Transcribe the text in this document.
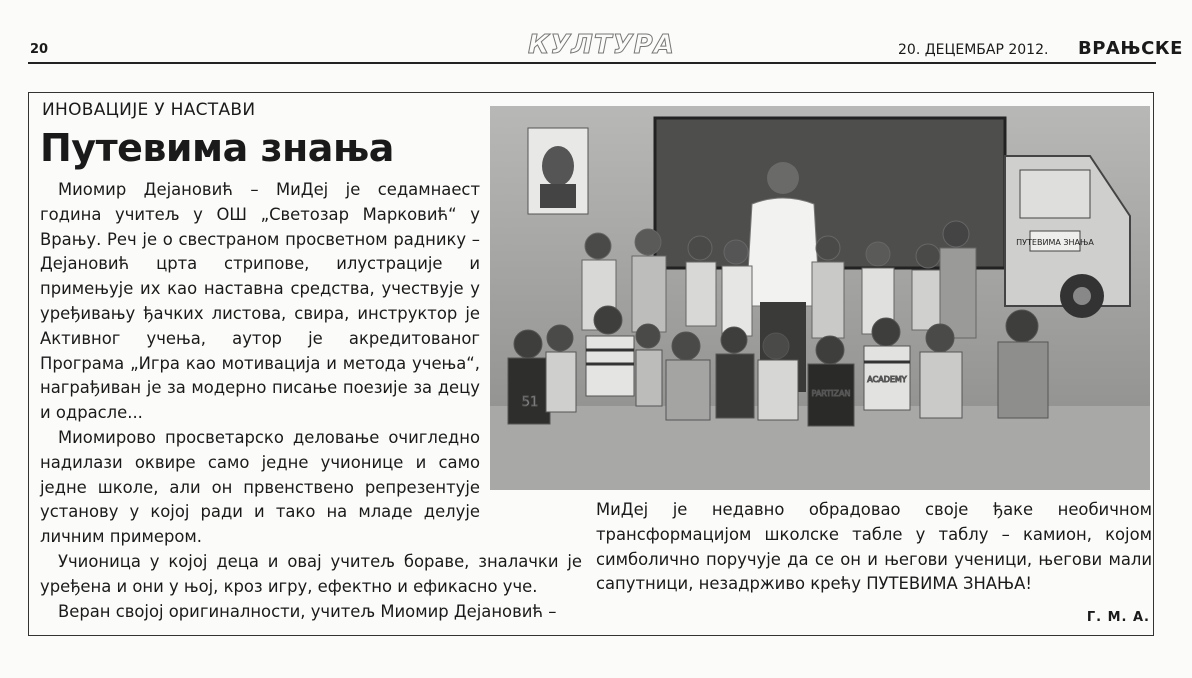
20	КУЛТУРА	20. ДЕЦЕМБАР 2012. ВРАЊСКЕ
ИНОВАЦИЈЕ У НАСТАВИ
Путевима знања

Миомир Дејановић – МиДеј је седамнаест година учитељ у ОШ „Светозар Марковић“ у Врању. Реч је о свестраном просветном раднику – Дејановић црта стрипове, илустрације и примењује их као наставна средства, учествује у уређивању ђачких листова, свира, инструктор је Активног учења, аутор је акредитованог Програма „Игра као мотивација и метода учења“, награђиван је за модерно писање поезије за децу и одрасле...

Миомирово просветарско деловање очигледно надилази оквире само једне учионице и само једне школе, али он првенствено репрезентује установу у којој ради и тако на младе делује личним примером.

Учионица у којој деца и овај учитељ бораве, зналачки је уређена и они у њој, кроз игру, ефектно и ефикасно уче.

Веран својој оригиналности, учитељ Миомир Дејановић –

МиДеј је недавно обрадовао своје ђаке необичном трансформацијом школске табле у таблу – камион, којом симболично поручује да се он и његови ученици, његови мали сапутници, незадрживо крећу ПУТЕВИМА ЗНАЊА!

Г. М. А.
ПУТЕВИМА ЗНАЊА
51
PARTIZAN
ACADEMY
